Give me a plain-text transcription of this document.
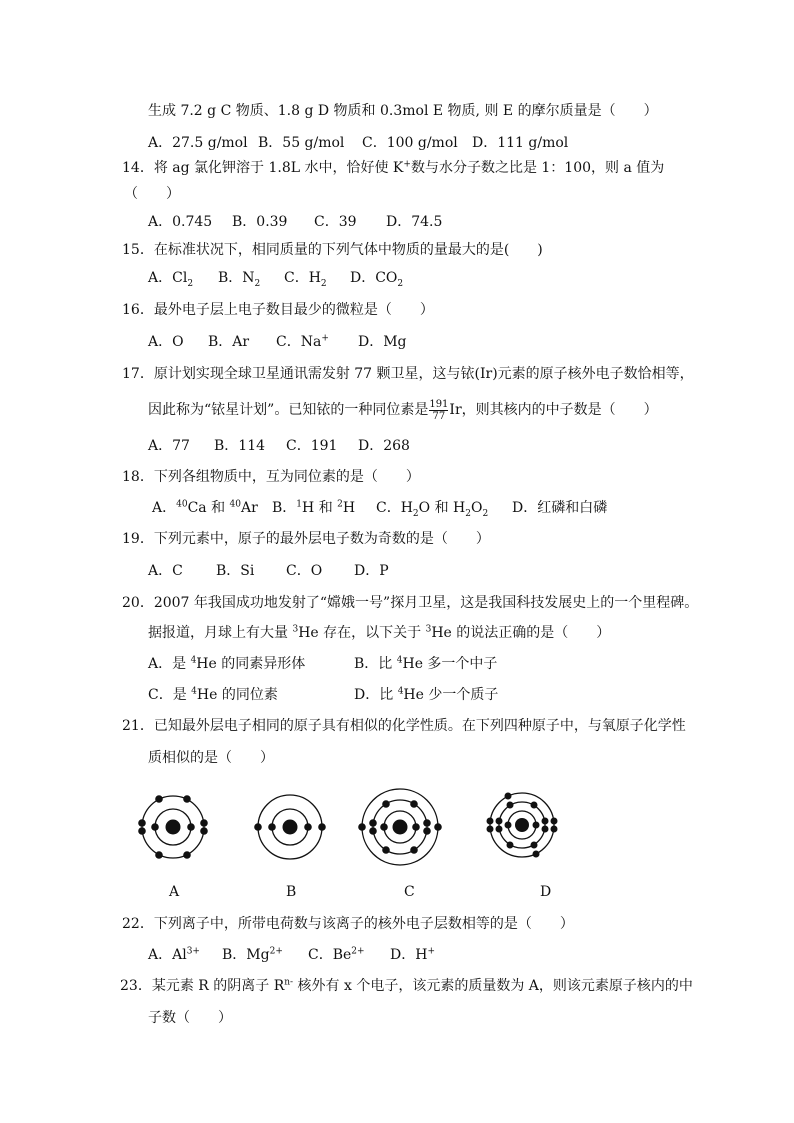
生成 7.2 g C 物质、1.8 g D 物质和 0.3mol E 物质, 则 E 的摩尔质量是（　　）
A．27.5 g/mol B．55 g/mol C．100 g/mol D．111 g/mol
14．将 ag 氯化钾溶于 1.8L 水中，恰好使 K+数与水分子数之比是 1：100，则 a 值为
（　　）
A．0.745 B．0.39 C．39 D．74.5
15．在标准状况下，相同质量的下列气体中物质的量最大的是(　　)
A．$Cl_2$ B．$N_2$ C．$H_2$ D．$CO_2$
16．最外电子层上电子数目最少的微粒是（　　）
A．O B．Ar C．Na+ D．Mg
17．原计划实现全球卫星通讯需发射 77 颗卫星，这与铱(Ir)元素的原子核外电子数恰相等，
因此称为“铱星计划”。已知铱的一种同位素是 $\frac{191}{77}$ Ir，则其核内的中子数是（　　）
A．77 B．114 C．191 D．268
18．下列各组物质中，互为同位素的是（　　）
A．$^{40}$Ca 和 $^{40}$Ar B．$^1$H 和 $^2$H C．$H_2O$ 和 $H_2O_2$ D．红磷和白磷
19．下列元素中，原子的最外层电子数为奇数的是（　　）
A．C B．Si C．O D．P
20．2007 年我国成功地发射了“嫦娥一号”探月卫星，这是我国科技发展史上的一个里程碑。
据报道，月球上有大量 $^3$He 存在，以下关于 $^3$He 的说法正确的是（　　）
A．是 $^4$He 的同素异形体	B．比 $^4$He 多一个中子
C．是 $^4$He 的同位素	D．比 $^4$He 少一个质子
21．已知最外层电子相同的原子具有相似的化学性质。在下列四种原子中，与氧原子化学性
质相似的是（　　）
A	B	C	D
22．下列离子中，所带电荷数与该离子的核外电子层数相等的是（　　）
A．$Al^{3+}$ B．$Mg^{2+}$ C．$Be^{2+}$ D．H+
23．某元素 R 的阴离子 $R^{n-}$ 核外有 x 个电子，该元素的质量数为 A，则该元素原子核内的中
子数（　　）
